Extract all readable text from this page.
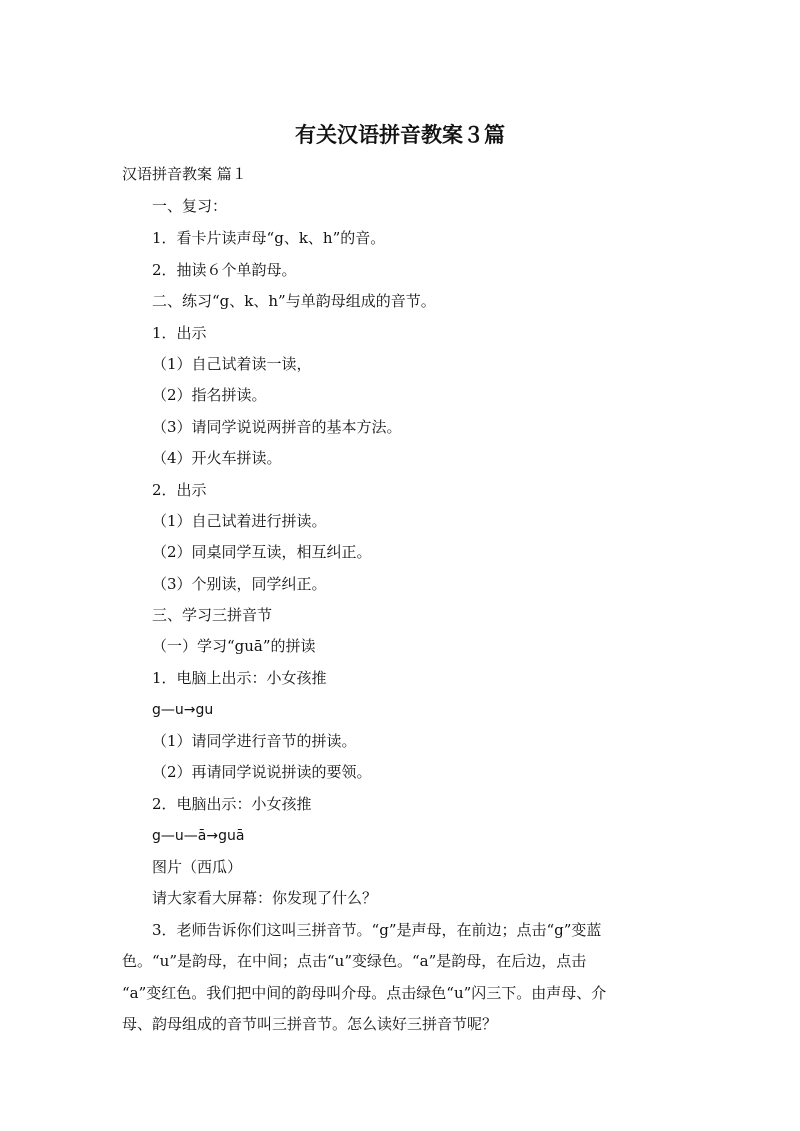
有关汉语拼音教案３篇
汉语拼音教案 篇１
一、复习：
1．看卡片读声母“g、k、h”的音。
2．抽读６个单韵母。
二、练习“g、k、h”与单韵母组成的音节。
1．出示
（1）自己试着读一读，
（2）指名拼读。
（3）请同学说说两拼音的基本方法。
（4）开火车拼读。
2．出示
（1）自己试着进行拼读。
（2）同桌同学互读，相互纠正。
（3）个别读，同学纠正。
三、学习三拼音节
（一）学习“guā”的拼读
1．电脑上出示：小女孩推
g—u→gu
（1）请同学进行音节的拼读。
（2）再请同学说说拼读的要领。
2．电脑出示：小女孩推
g—u—ā→guā
图片（西瓜）
请大家看大屏幕：你发现了什么？
3．老师告诉你们这叫三拼音节。“g”是声母，在前边；点击“g”变蓝
色。“u”是韵母，在中间；点击“u”变绿色。“a”是韵母，在后边，点击
“a”变红色。我们把中间的韵母叫介母。点击绿色“u”闪三下。由声母、介
母、韵母组成的音节叫三拼音节。怎么读好三拼音节呢？
